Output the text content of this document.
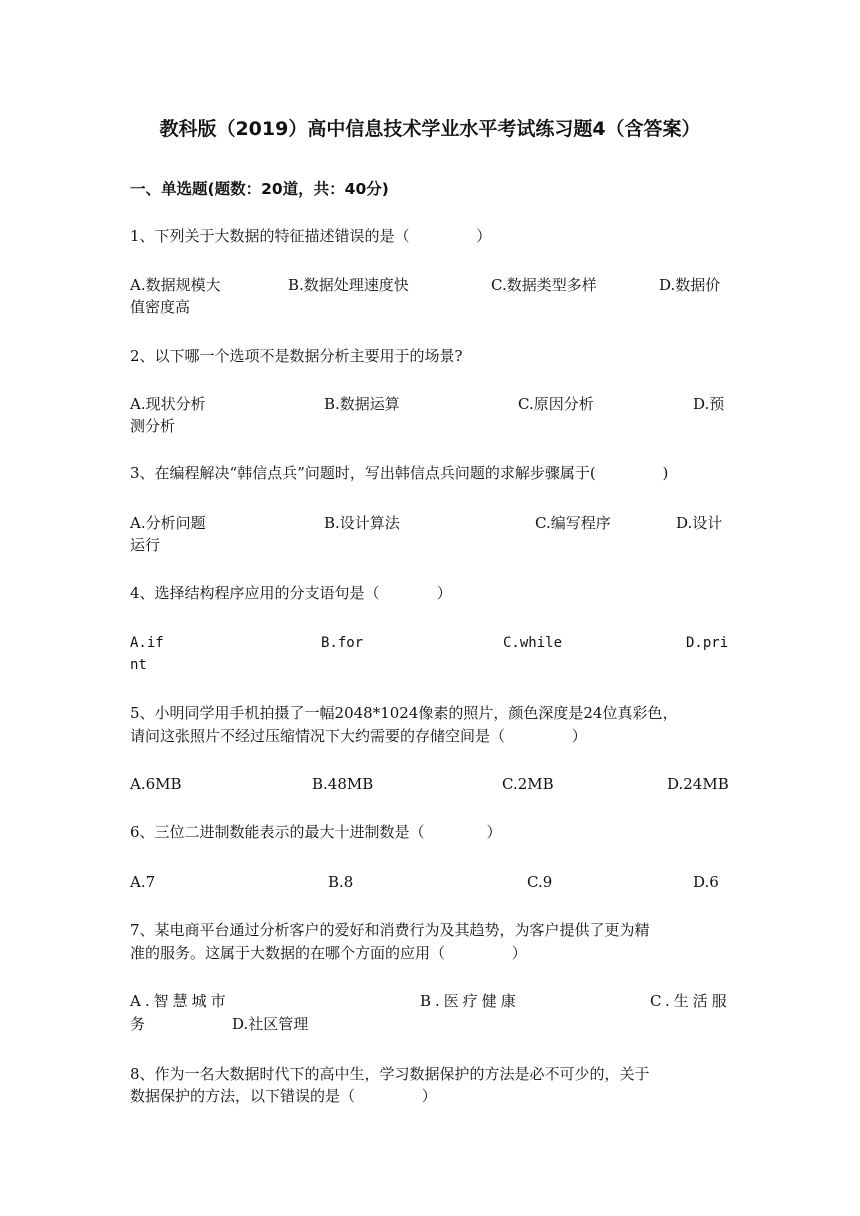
教科版（2019）高中信息技术学业水平考试练习题4（含答案）
一、单选题(题数：20道，共：40分)
1、下列关于大数据的特征描述错误的是（              ）
A.数据规模大	B.数据处理速度快	C.数据类型多样	D.数据价
值密度高
2、以下哪一个选项不是数据分析主要用于的场景?
A.现状分析	B.数据运算	C.原因分析	D.预
测分析
3、在编程解决“韩信点兵”问题时，写出韩信点兵问题的求解步骤属于(              )
A.分析问题	B.设计算法	C.编写程序	D.设计
运行
4、选择结构程序应用的分支语句是（            ）
A.if	B.for	C.while	D.pri
nt
5、小明同学用手机拍摄了一幅2048*1024像素的照片，颜色深度是24位真彩色，
请问这张照片不经过压缩情况下大约需要的存储空间是（              ）
A.6MB	B.48MB	C.2MB	D.24MB
6、三位二进制数能表示的最大十进制数是（             ）
A.7	B.8	C.9	D.6
7、某电商平台通过分析客户的爱好和消费行为及其趋势，为客户提供了更为精
准的服务。这属于大数据的在哪个方面的应用（              ）
A.智慧城市	B.医疗健康	C.生活服
务	D.社区管理
8、作为一名大数据时代下的高中生，学习数据保护的方法是必不可少的，关于
数据保护的方法，以下错误的是（              ）
